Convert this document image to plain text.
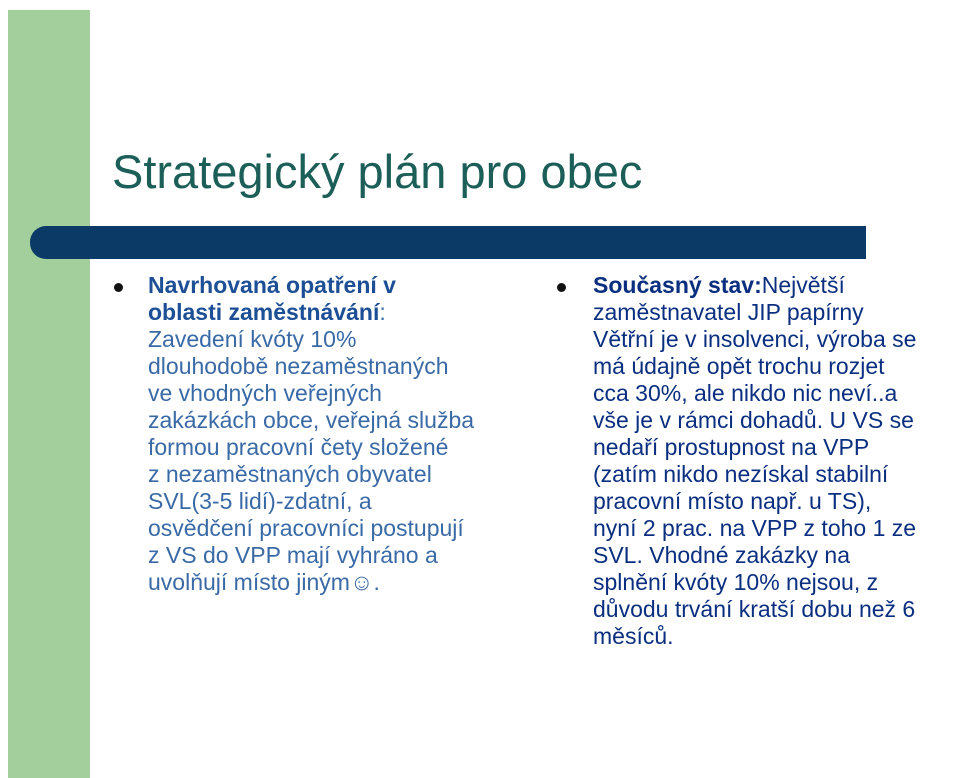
Strategický plán pro obec
Navrhovaná opatření v
oblasti zaměstnávání:
Zavedení kvóty 10%
dlouhodobě nezaměstnaných
ve vhodných veřejných
zakázkách obce, veřejná služba
formou pracovní čety složené
z nezaměstnaných obyvatel
SVL(3-5 lidí)-zdatní, a
osvědčení pracovníci postupují
z VS do VPP mají vyhráno a
uvolňují místo jiným☺.
Současný stav:Největší
zaměstnavatel JIP papírny
Větřní je v insolvenci, výroba se
má údajně opět trochu rozjet
cca 30%, ale nikdo nic neví..a
vše je v rámci dohadů. U VS se
nedaří prostupnost na VPP
(zatím nikdo nezískal stabilní
pracovní místo např. u TS),
nyní 2 prac. na VPP z toho 1 ze
SVL. Vhodné zakázky na
splnění kvóty 10% nejsou, z
důvodu trvání kratší dobu než 6
měsíců.
